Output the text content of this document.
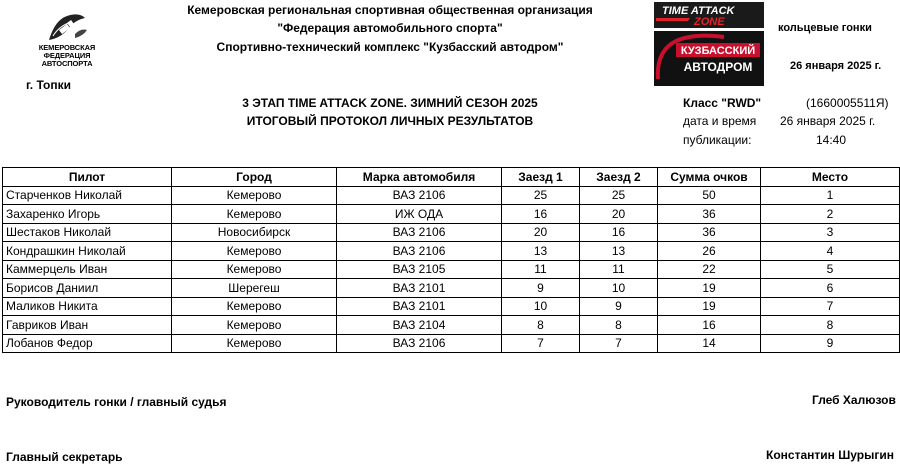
КЕМЕРОВСКАЯ
ФЕДЕРАЦИЯ АВТОСПОРТА
Кемеровская региональная спортивная общественная организация
"Федерация автомобильного спорта"
Спортивно-технический комплекс "Кузбасский автодром"
г. Топки
TIME ATTACK
ZONE
КУЗБАССКИЙ
АВТОДРОМ
кольцевые гонки
26 января 2025 г.
3 ЭТАП TIME ATTACK ZONE. ЗИМНИЙ СЕЗОН 2025
ИТОГОВЫЙ ПРОТОКОЛ ЛИЧНЫХ РЕЗУЛЬТАТОВ
Класс "RWD"	(16600055​11Я)
дата и время
публикации:
26 января 2025 г.
14:40
Пилот	Город	Марка автомобиля	Заезд 1	Заезд 2	Сумма очков	Место
Старченков Николай	Кемерово	ВАЗ 2106	25	25	50	1
Захаренко Игорь	Кемерово	ИЖ ОДА	16	20	36	2
Шестаков Николай	Новосибирск	ВАЗ 2106	20	16	36	3
Кондрашкин Николай	Кемерово	ВАЗ 2106	13	13	26	4
Каммерцель Иван	Кемерово	ВАЗ 2105	11	11	22	5
Борисов Даниил	Шерегеш	ВАЗ 2101	9	10	19	6
Маликов Никита	Кемерово	ВАЗ 2101	10	9	19	7
Гавриков Иван	Кемерово	ВАЗ 2104	8	8	16	8
Лобанов Федор	Кемерово	ВАЗ 2106	7	7	14	9
Руководитель гонки / главный судья	Глеб Халюзов
Главный секретарь	Константин Шурыгин
